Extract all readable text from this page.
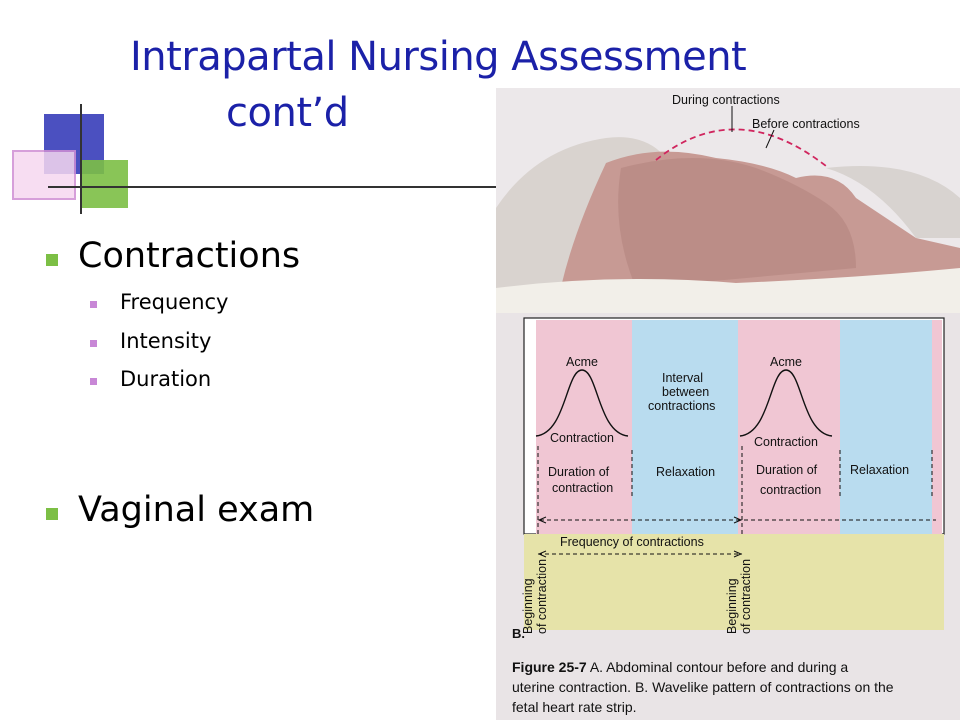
Intrapartal Nursing Assessment
cont’d
Contractions
Frequency
Intensity
Duration
Vaginal exam
During contractions
Before contractions
Acme	Acme
Contraction	Contraction
Interval
between
contractions
Duration of
contraction
Relaxation	Duration of
contraction
Relaxation
Frequency of contractions
Beginning of contraction	Beginning of contraction
B.
Figure 25-7 A. Abdominal contour before and during a
uterine contraction. B. Wavelike pattern of contractions on the
fetal heart rate strip.
